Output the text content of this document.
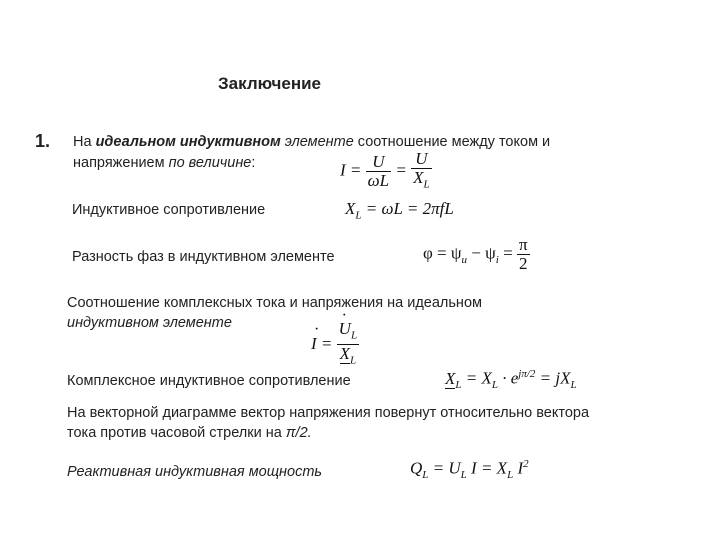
Заключение
1. На идеальном индуктивном элементе соотношение между током и
напряжением по величине:	$I = \frac{U}{\omega L} = \frac{U}{X_L}$
Индуктивное сопротивление	$X_L = \omega L = 2\pi fL$
Разность фаз в индуктивном элементе	$\varphi = \psi_u - \psi_i = \frac{\pi}{2}$
Соотношение комплексных тока и напряжения на идеальном
индуктивном элементе
· I =
· $\frac{U_L}{X_L}$
Комплексное индуктивное сопротивление	$X_L = X_L \cdot e^{j\pi/2} = jX_L$
На векторной диаграмме вектор напряжения повернут относительно вектора
тока против часовой стрелки на π/2.
Реактивная индуктивная мощность	$Q_L = U_L$ $I = X_L$ $I^2$
